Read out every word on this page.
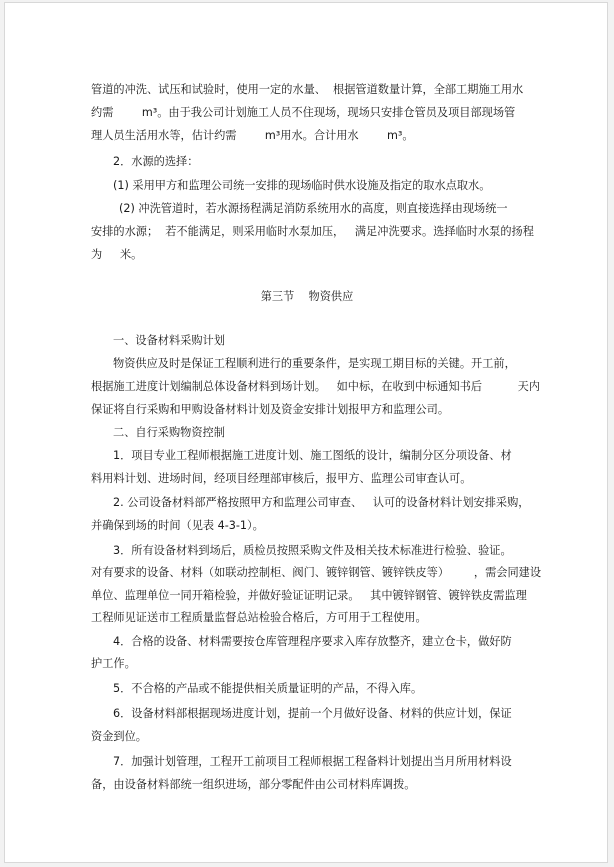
管道的冲洗、试压和试验时，使用一定的水量、  根据管道数量计算，全部工期施工用水
约需        m³。由于我公司计划施工人员不住现场，现场只安排仓管员及项目部现场管
理人员生活用水等，估计约需        m³用水。合计用水        m³。
2．水源的选择：
(1) 采用甲方和监理公司统一安排的现场临时供水设施及指定的取水点取水。
(2) 冲洗管道时，若水源扬程满足消防系统用水的高度，则直接选择由现场统一
安排的水源；  若不能满足，则采用临时水泵加压，   满足冲洗要求。选择临时水泵的扬程
为     米。
第三节    物资供应
一、设备材料采购计划
物资供应及时是保证工程顺利进行的重要条件，是实现工期目标的关键。开工前，
根据施工进度计划编制总体设备材料到场计划。   如中标，在收到中标通知书后          天内
保证将自行采购和甲购设备材料计划及资金安排计划报甲方和监理公司。
二、自行采购物资控制
1．项目专业工程师根据施工进度计划、施工图纸的设计，编制分区分项设备、材
料用料计划、进场时间，经项目经理部审核后，报甲方、监理公司审查认可。
2. 公司设备材料部严格按照甲方和监理公司审查、   认可的设备材料计划安排采购，
并确保到场的时间（见表 4-3-1）。
3．所有设备材料到场后，质检员按照采购文件及相关技术标准进行检验、验证。
对有要求的设备、材料（如联动控制柜、阀门、镀锌钢管、镀锌铁皮等）       ，需会同建设
单位、监理单位一同开箱检验，并做好验证证明记录。   其中镀锌钢管、镀锌铁皮需监理
工程师见证送市工程质量监督总站检验合格后，方可用于工程使用。
4．合格的设备、材料需要按仓库管理程序要求入库存放整齐，建立仓卡，做好防
护工作。
5．不合格的产品或不能提供相关质量证明的产品，不得入库。
6．设备材料部根据现场进度计划，提前一个月做好设备、材料的供应计划，保证
资金到位。
7．加强计划管理，工程开工前项目工程师根据工程备料计划提出当月所用材料设
备，由设备材料部统一组织进场，部分零配件由公司材料库调拨。
